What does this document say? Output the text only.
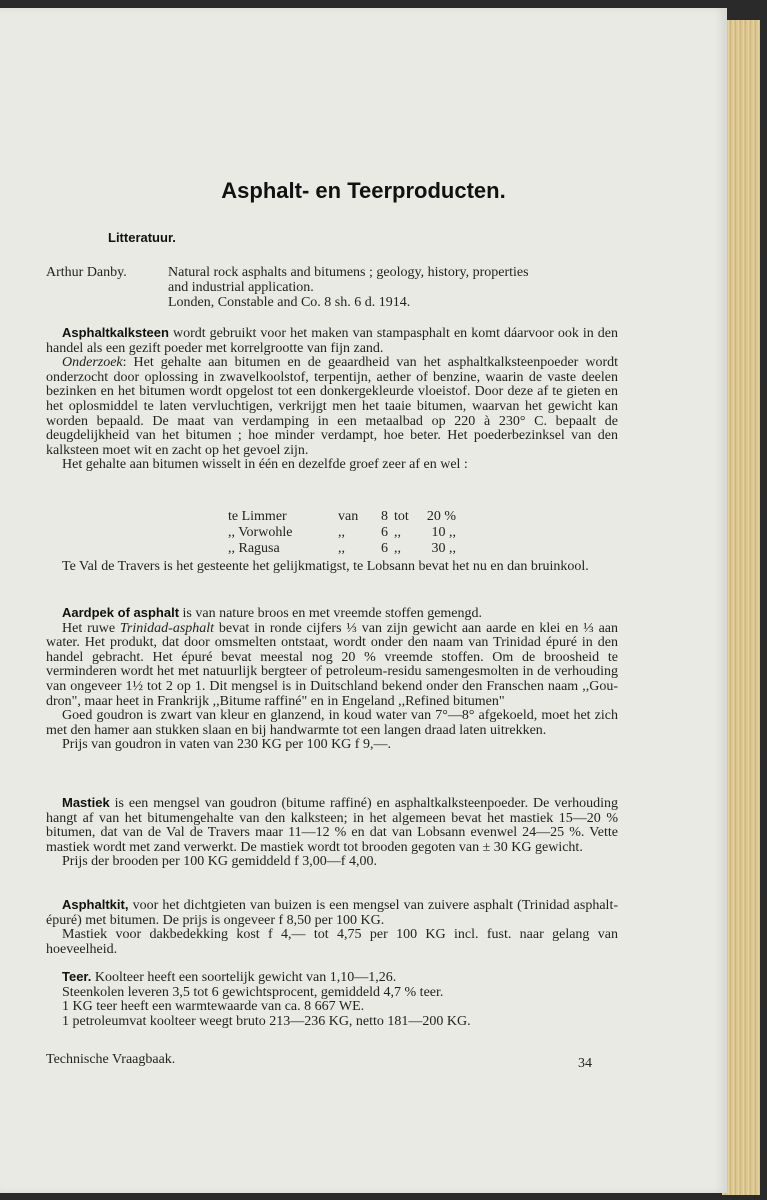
Asphalt- en Teerproducten.
Litteratuur.
Arthur Danby.	Natural rock asphalts and bitumens ; geology, history, properties
and industrial application.
Londen, Constable and Co. 8 sh. 6 d. 1914.

Asphaltkalksteen wordt gebruikt voor het maken van stampasphalt en komt dáarvoor ook in den handel als een gezift poeder met korrelgrootte van fijn zand.

Onderzoek: Het gehalte aan bitumen en de geaardheid van het asphaltkalksteenpoeder wordt onderzocht door oplossing in zwavelkoolstof, terpentijn, aether of benzine, waarin de vaste deelen bezinken en het bitumen wordt opgelost tot een donkergekleurde vloeistof. Door deze af te gieten en het oplosmiddel te laten vervluchtigen, verkrijgt men het taaie bitumen, waarvan het gewicht kan worden bepaald. De maat van verdamping in een metaalbad op 220 à 230° C. bepaalt de deugdelijkheid van het bitumen ; hoe minder verdampt, hoe beter. Het poederbezinksel van den kalksteen moet wit en zacht op het gevoel zijn.

Het gehalte aan bitumen wisselt in één en dezelfde groef zeer af en wel :

te Limmer	van	8	tot	20 %
,, Vorwohle	,,	6	,,	10 ,,
,, Ragusa	,,	6	,,	30 ,,

Te Val de Travers is het gesteente het gelijkmatigst, te Lobsann bevat het nu en dan bruinkool.

Aardpek of asphalt is van nature broos en met vreemde stoffen gemengd.

Het ruwe Trinidad-asphalt bevat in ronde cijfers ⅓ van zijn gewicht aan aarde en klei en ⅓ aan water. Het produkt, dat door omsmelten ontstaat, wordt onder den naam van Trinidad épuré in den handel gebracht. Het épuré bevat meestal nog 20 % vreemde stoffen. Om de broosheid te verminderen wordt het met natuurlijk bergteer of petroleum-residu samengesmolten in de verhouding van ongeveer 1½ tot 2 op 1. Dit mengsel is in Duitschland bekend onder den Franschen naam ,,Goudron", maar heet in Frankrijk ,,Bitume raffiné" en in Engeland ,,Refined bitumen"

Goed goudron is zwart van kleur en glanzend, in koud water van 7°—8° afgekoeld, moet het zich met den hamer aan stukken slaan en bij handwarmte tot een langen draad laten uitrekken.

Prijs van goudron in vaten van 230 KG per 100 KG f 9,—.

Mastiek is een mengsel van goudron (bitume raffiné) en asphaltkalksteenpoeder. De verhouding hangt af van het bitumengehalte van den kalksteen; in het algemeen bevat het mastiek 15—20 % bitumen, dat van de Val de Travers maar 11—12 % en dat van Lobsann evenwel 24—25 %. Vette mastiek wordt met zand verwerkt. De mastiek wordt tot brooden gegoten van ± 30 KG gewicht.

Prijs der brooden per 100 KG gemiddeld f 3,00—f 4,00.

Asphaltkit, voor het dichtgieten van buizen is een mengsel van zuivere asphalt (Trinidad asphalt-épuré) met bitumen. De prijs is ongeveer f 8,50 per 100 KG.

Mastiek voor dakbedekking kost f 4,— tot 4,75 per 100 KG incl. fust. naar gelang van hoeveelheid.

Teer. Koolteer heeft een soortelijk gewicht van 1,10—1,26.

Steenkolen leveren 3,5 tot 6 gewichtsprocent, gemiddeld 4,7 % teer.

1 KG teer heeft een warmtewaarde van ca. 8 667 WE.

1 petroleumvat koolteer weegt bruto 213—236 KG, netto 181—200 KG.

Technische Vraagbaak.	34
